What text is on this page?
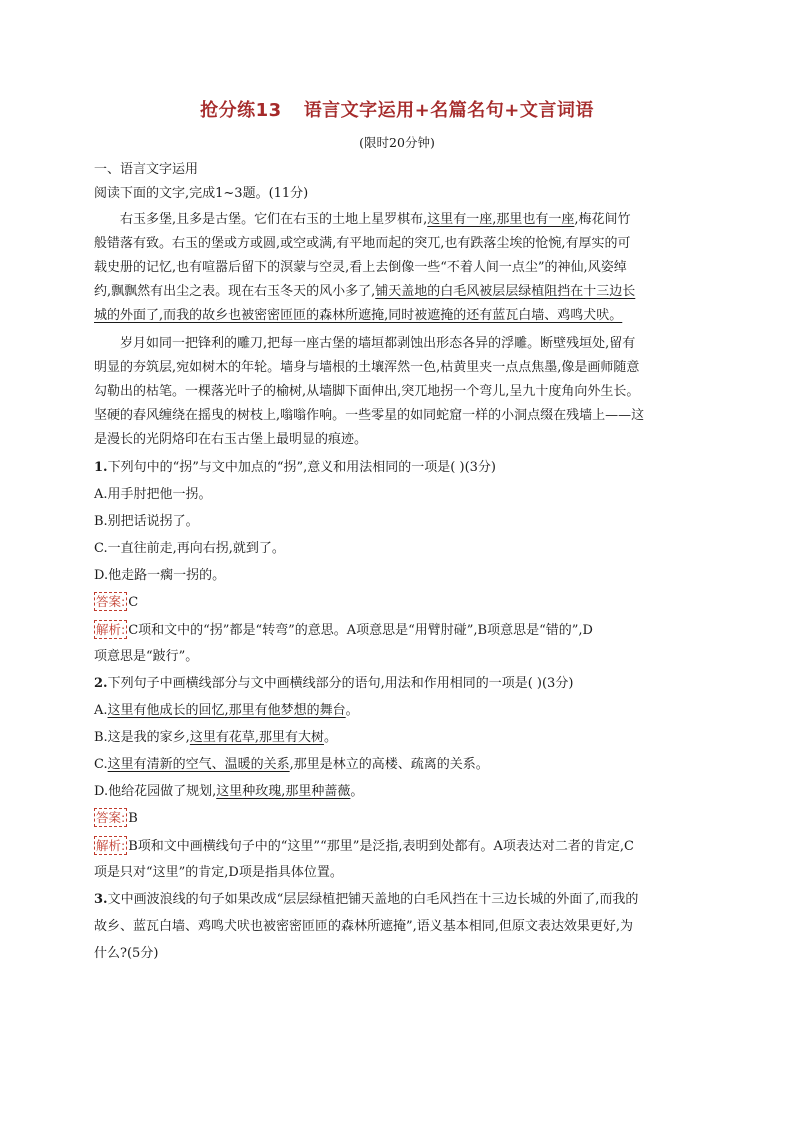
抢分练13 语言文字运用+名篇名句+文言词语
(限时20分钟)
一、语言文字运用
阅读下面的文字,完成1~3题。(11分)
右玉多堡,且多是古堡。它们在右玉的土地上星罗棋布,这里有一座,那里也有一座,梅花间竹
般错落有致。右玉的堡或方或圆,或空或满,有平地而起的突兀,也有跌落尘埃的怆惋,有厚实的可
载史册的记忆,也有喧嚣后留下的溟蒙与空灵,看上去倒像一些“不着人间一点尘”的神仙,风姿绰
约,飘飘然有出尘之表。现在右玉冬天的风小多了,铺天盖地的白毛风被层层绿植阻挡在十三边长
城的外面了,而我的故乡也被密密匝匝的森林所遮掩,同时被遮掩的还有蓝瓦白墙、鸡鸣犬吠。
岁月如同一把锋利的雕刀,把每一座古堡的墙垣都剥蚀出形态各异的浮雕。断壁残垣处,留有
明显的夯筑层,宛如树木的年轮。墙身与墙根的土壤浑然一色,枯黄里夹一点点焦墨,像是画师随意
勾勒出的枯笔。一棵落光叶子的榆树,从墙脚下面伸出,突兀地拐一个弯儿,呈九十度角向外生长。
坚硬的春风缠绕在摇曳的树枝上,嗡嗡作响。一些零星的如同蛇窟一样的小洞点缀在残墙上——这
是漫长的光阴烙印在右玉古堡上最明显的痕迹。
1.下列句中的“拐”与文中加点的“拐”,意义和用法相同的一项是( )(3分)
A.用手肘把他一拐。
B.别把话说拐了。
C.一直往前走,再向右拐,就到了。
D.他走路一瘸一拐的。
答案: C
解析: C项和文中的“拐”都是“转弯”的意思。A项意思是“用臂肘碰”,B项意思是“错的”,D
项意思是“跛行”。
2.下列句子中画横线部分与文中画横线部分的语句,用法和作用相同的一项是( )(3分)
A.这里有他成长的回忆,那里有他梦想的舞台。
B.这是我的家乡,这里有花草,那里有大树。
C.这里有清新的空气、温暖的关系,那里是林立的高楼、疏离的关系。
D.他给花园做了规划,这里种玫瑰,那里种蔷薇。
答案: B
解析: B项和文中画横线句子中的“这里”“那里”是泛指,表明到处都有。A项表达对二者的肯定,C
项是只对“这里”的肯定,D项是指具体位置。
3.文中画波浪线的句子如果改成“层层绿植把铺天盖地的白毛风挡在十三边长城的外面了,而我的
故乡、蓝瓦白墙、鸡鸣犬吠也被密密匝匝的森林所遮掩”,语义基本相同,但原文表达效果更好,为
什么?(5分)
